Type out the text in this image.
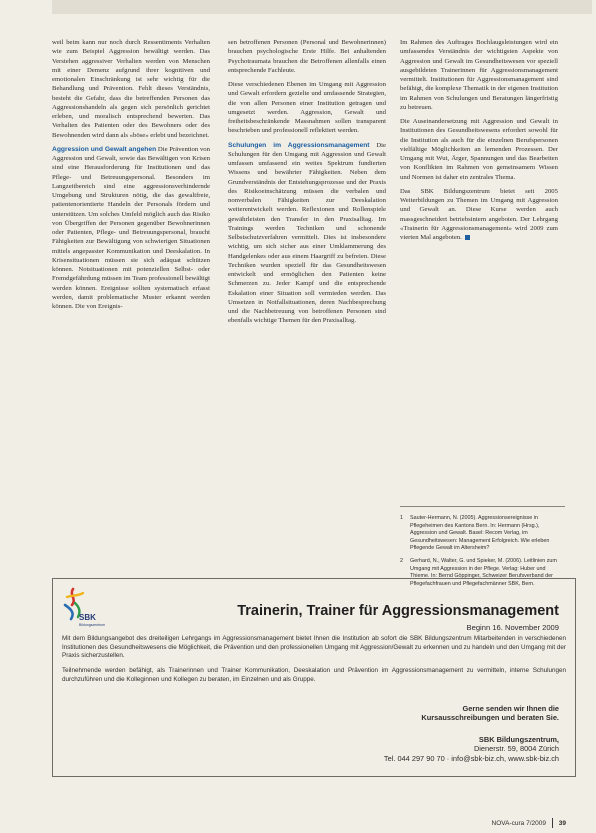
weil beim kann nur noch durch Ressentiments Verhalten wie zum Beispiel Aggression bewältigt werden. Das Verstehen aggressiver Verhalten werden von Menschen mit einer Demenz aufgrund ihrer kognitiven und emotionalen Einschränkung ist sehr wichtig für die Behandlung und Prävention. Fehlt dieses Verständnis, besteht die Gefahr, dass die betreffenden Personen das Aggressionshandeln als gegen sich persönlich gerichtet erleben, und moralisch entsprechend bewerten. Das Verhalten des Patienten oder des Bewohners oder des Bewohnenden wird dann als «böse» erlebt und bezeichnet.

Aggression und Gewalt angehen Die Prävention von Aggression und Gewalt, sowie das Bewältigen von Krisen sind eine Herausforderung für Institutionen und das Pflege- und Betreuungspersonal. Besonders im Langzeitbereich sind eine aggressionsverhindernde Umgebung und Strukturen nötig, die das gewaltfreie, patientenorientierte Handeln der Personals fördern und unterstützen. Um solches Umfeld möglich auch das Risiko von Übergriffen der Personen gegenüber Bewohnerinnen oder Patienten, Pflege- und Betreuungspersonal, braucht Fähigkeiten zur Bewältigung von schwierigen Situationen mittels angepasster Kommunikation und Deeskalation. In Krisensituationen müssen sie sich adäquat schützen können. Notsituationen mit potenziellen Selbst- oder Fremdgefährdung müssen im Team professionell bewältigt werden können. Ereignisse sollten systematisch erfasst werden, damit problematische Muster erkannt werden können. Die von Ereignis-

sen betroffenen Personen (Personal und Bewohnerinnen) brauchen psychologische Erste Hilfe. Bei anhaltenden Psychotraumata brauchen die Betroffenen allenfalls einen entsprechende Fachleute.

Diese verschiedenen Ebenen im Umgang mit Aggression und Gewalt erfordern gezielte und umfassende Strategien, die von allen Personen einer Institution getragen und umgesetzt werden. Aggression, Gewalt und freiheitsbeschränkende Massnahmen sollen transparent beschrieben und professionell reflektiert werden.

Schulungen im Aggressionsmanagement Die Schulungen für den Umgang mit Aggression und Gewalt umfassen umfassend ein weites Spektrum fundierten Wissens und bewährter Fähigkeiten. Neben dem Grundverständnis der Entstehungsprozesse und der Praxis des Risikoeinschätzung müssen die verbalen und nonverbalen Fähigkeiten zur Deeskalation weiterentwickelt werden. Reflexionen und Rollenspiele gewährleisten den Transfer in den Praxisalltag. Im Trainings werden Techniken und schonende Selbstschutzverfahren vermittelt. Dies ist insbesondere wichtig, um sich sicher aus einer Umklammerung des Handgelenkes oder aus einem Haargriff zu befreien. Diese Techniken wurden speziell für das Gesundheitswesen entwickelt und ermöglichen den Patienten keine Schmerzen zu. Jeder Kampf und die entsprechende Eskalation einer Situation soll vermieden werden. Das Umsetzen in Notfallsituationen, deren Nachbesprechung und die Nachbetreuung von betroffenen Personen sind ebenfalls wichtige Themen für den Praxisalltag.

Im Rahmen des Auftrages Bochlaugsleistungen wird ein umfassendes Verständnis der wichtigsten Aspekte von Aggression und Gewalt im Gesundheitswesen vor speziell ausgebildeten Trainerinnen für Aggressionsmanagement vermittelt. Institutionen für Aggressionsmanagement sind befähigt, die komplexe Thematik in der eigenen Institution im Rahmen von Schulungen und Beratungen längerfristig zu betreuen.

Die Auseinandersetzung mit Aggression und Gewalt in Institutionen des Gesundheitswesens erfordert sowohl für die Institution als auch für die einzelnen Berufspersonen vielfältige Möglichkeiten an lernenden Prozessen. Der Umgang mit Wut, Ärger, Spannungen und das Bearbeiten von Konflikten im Rahmen von gemeinsamem Wissen und Normen ist daher ein zentrales Thema.

Das SBK Bildungszentrum bietet seit 2005 Weiterbildungen zu Themen im Umgang mit Aggression und Gewalt an. Diese Kurse werden auch massgeschneidert betriebsintern angeboten. Der Lehrgang «Trainerin für Aggressionsmanagement» wird 2009 zum vierten Mal angeboten.

1	Sauter-Hermann, N. (2005). Aggressionsereignisse in Pflegeheimen des Kantons Bern. In: Hermann (Hrsg.), Aggression und Gewalt. Basel: Recom Verlag, im Gesundheitswesen: Management Erfolgreich. Wie erleben Pflegende Gewalt im Altersheim?
2	Gerhard, N., Walter, G. und Spieker, M. (2006). Leitlinien zum Umgang mit Aggression in der Pflege. Verlag: Huber und Thieme. In: Bernd Göppinger, Schweizer Berufsverband der Pflegefachfrauen und Pflegefachmänner SBK, Bern.
SBK
Bildungszentrum
Trainerin, Trainer für Aggressionsmanagement
Beginn 16. November 2009

Mit dem Bildungsangebot des dreiteiligen Lehrgangs im Aggressionsmanagement bietet Ihnen die Institution ab sofort die SBK Bildungszentrum Mitarbeitenden in verschiedenen Institutionen des Gesundheitswesens die Möglichkeit, die Prävention und den professionellen Umgang mit Aggression/Gewalt zu erkennen und zu handeln und den Umgang mit der Praxis sicherzustellen.

Teilnehmende werden befähigt, als Trainerinnen und Trainer Kommunikation, Deeskalation und Prävention im Aggressionsmanagement zu vermitteln, interne Schulungen durchzuführen und die Kolleginnen und Kollegen zu beraten, im Einzelnen und als Gruppe.

Gerne senden wir Ihnen die
Kursausschreibungen und beraten Sie.
SBK Bildungszentrum,
Dienerstr. 59, 8004 Zürich
Tel. 044 297 90 70 · info@sbk-biz.ch, www.sbk-biz.ch
NOVA-cura 7/2009 39
